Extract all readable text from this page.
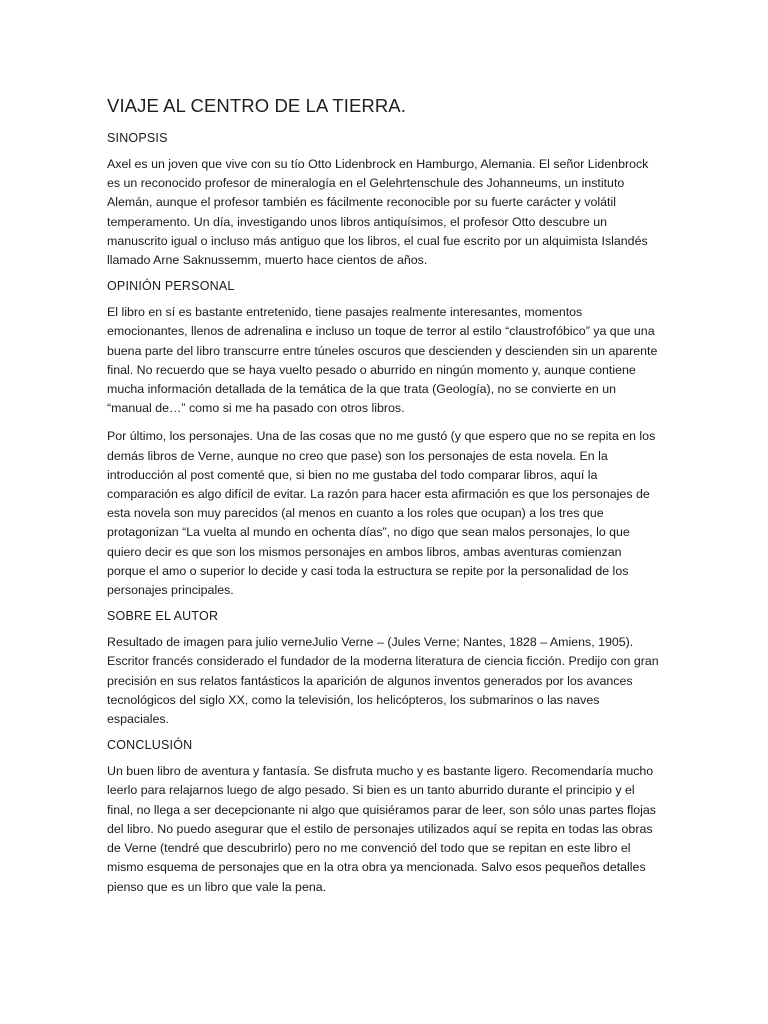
VIAJE AL CENTRO DE LA TIERRA.
SINOPSIS

Axel es un joven que vive con su tío Otto Lidenbrock en Hamburgo, Alemania. El señor Lidenbrock es un reconocido profesor de mineralogía en el Gelehrtenschule des Johanneums, un instituto Alemán, aunque el profesor también es fácilmente reconocible por su fuerte carácter y volátil temperamento. Un día, investigando unos libros antiquísimos, el profesor Otto descubre un manuscrito igual o incluso más antiguo que los libros, el cual fue escrito por un alquimista Islandés llamado Arne Saknussemm, muerto hace cientos de años.

OPINIÓN PERSONAL

El libro en sí es bastante entretenido, tiene pasajes realmente interesantes, momentos emocionantes, llenos de adrenalina e incluso un toque de terror al estilo “claustrofóbico” ya que una buena parte del libro transcurre entre túneles oscuros que descienden y descienden sin un aparente final. No recuerdo que se haya vuelto pesado o aburrido en ningún momento y, aunque contiene mucha información detallada de la temática de la que trata (Geología), no se convierte en un “manual de…” como si me ha pasado con otros libros.

Por último, los personajes. Una de las cosas que no me gustó (y que espero que no se repita en los demás libros de Verne, aunque no creo que pase) son los personajes de esta novela. En la introducción al post comenté que, si bien no me gustaba del todo comparar libros, aquí la comparación es algo difícil de evitar. La razón para hacer esta afirmación es que los personajes de esta novela son muy parecidos (al menos en cuanto a los roles que ocupan) a los tres que protagonizan “La vuelta al mundo en ochenta días”, no digo que sean malos personajes, lo que quiero decir es que son los mismos personajes en ambos libros, ambas aventuras comienzan porque el amo o superior lo decide y casi toda la estructura se repite por la personalidad de los personajes principales.

SOBRE EL AUTOR

Resultado de imagen para julio verneJulio Verne – (Jules Verne; Nantes, 1828 – Amiens, 1905). Escritor francés considerado el fundador de la moderna literatura de ciencia ficción. Predijo con gran precisión en sus relatos fantásticos la aparición de algunos inventos generados por los avances tecnológicos del siglo XX, como la televisión, los helicópteros, los submarinos o las naves espaciales.

CONCLUSIÓN

Un buen libro de aventura y fantasía. Se disfruta mucho y es bastante ligero. Recomendaría mucho leerlo para relajarnos luego de algo pesado. Si bien es un tanto aburrido durante el principio y el final, no llega a ser decepcionante ni algo que quisiéramos parar de leer, son sólo unas partes flojas del libro. No puedo asegurar que el estilo de personajes utilizados aquí se repita en todas las obras de Verne (tendré que descubrirlo) pero no me convenció del todo que se repitan en este libro el mismo esquema de personajes que en la otra obra ya mencionada. Salvo esos pequeños detalles pienso que es un libro que vale la pena.
